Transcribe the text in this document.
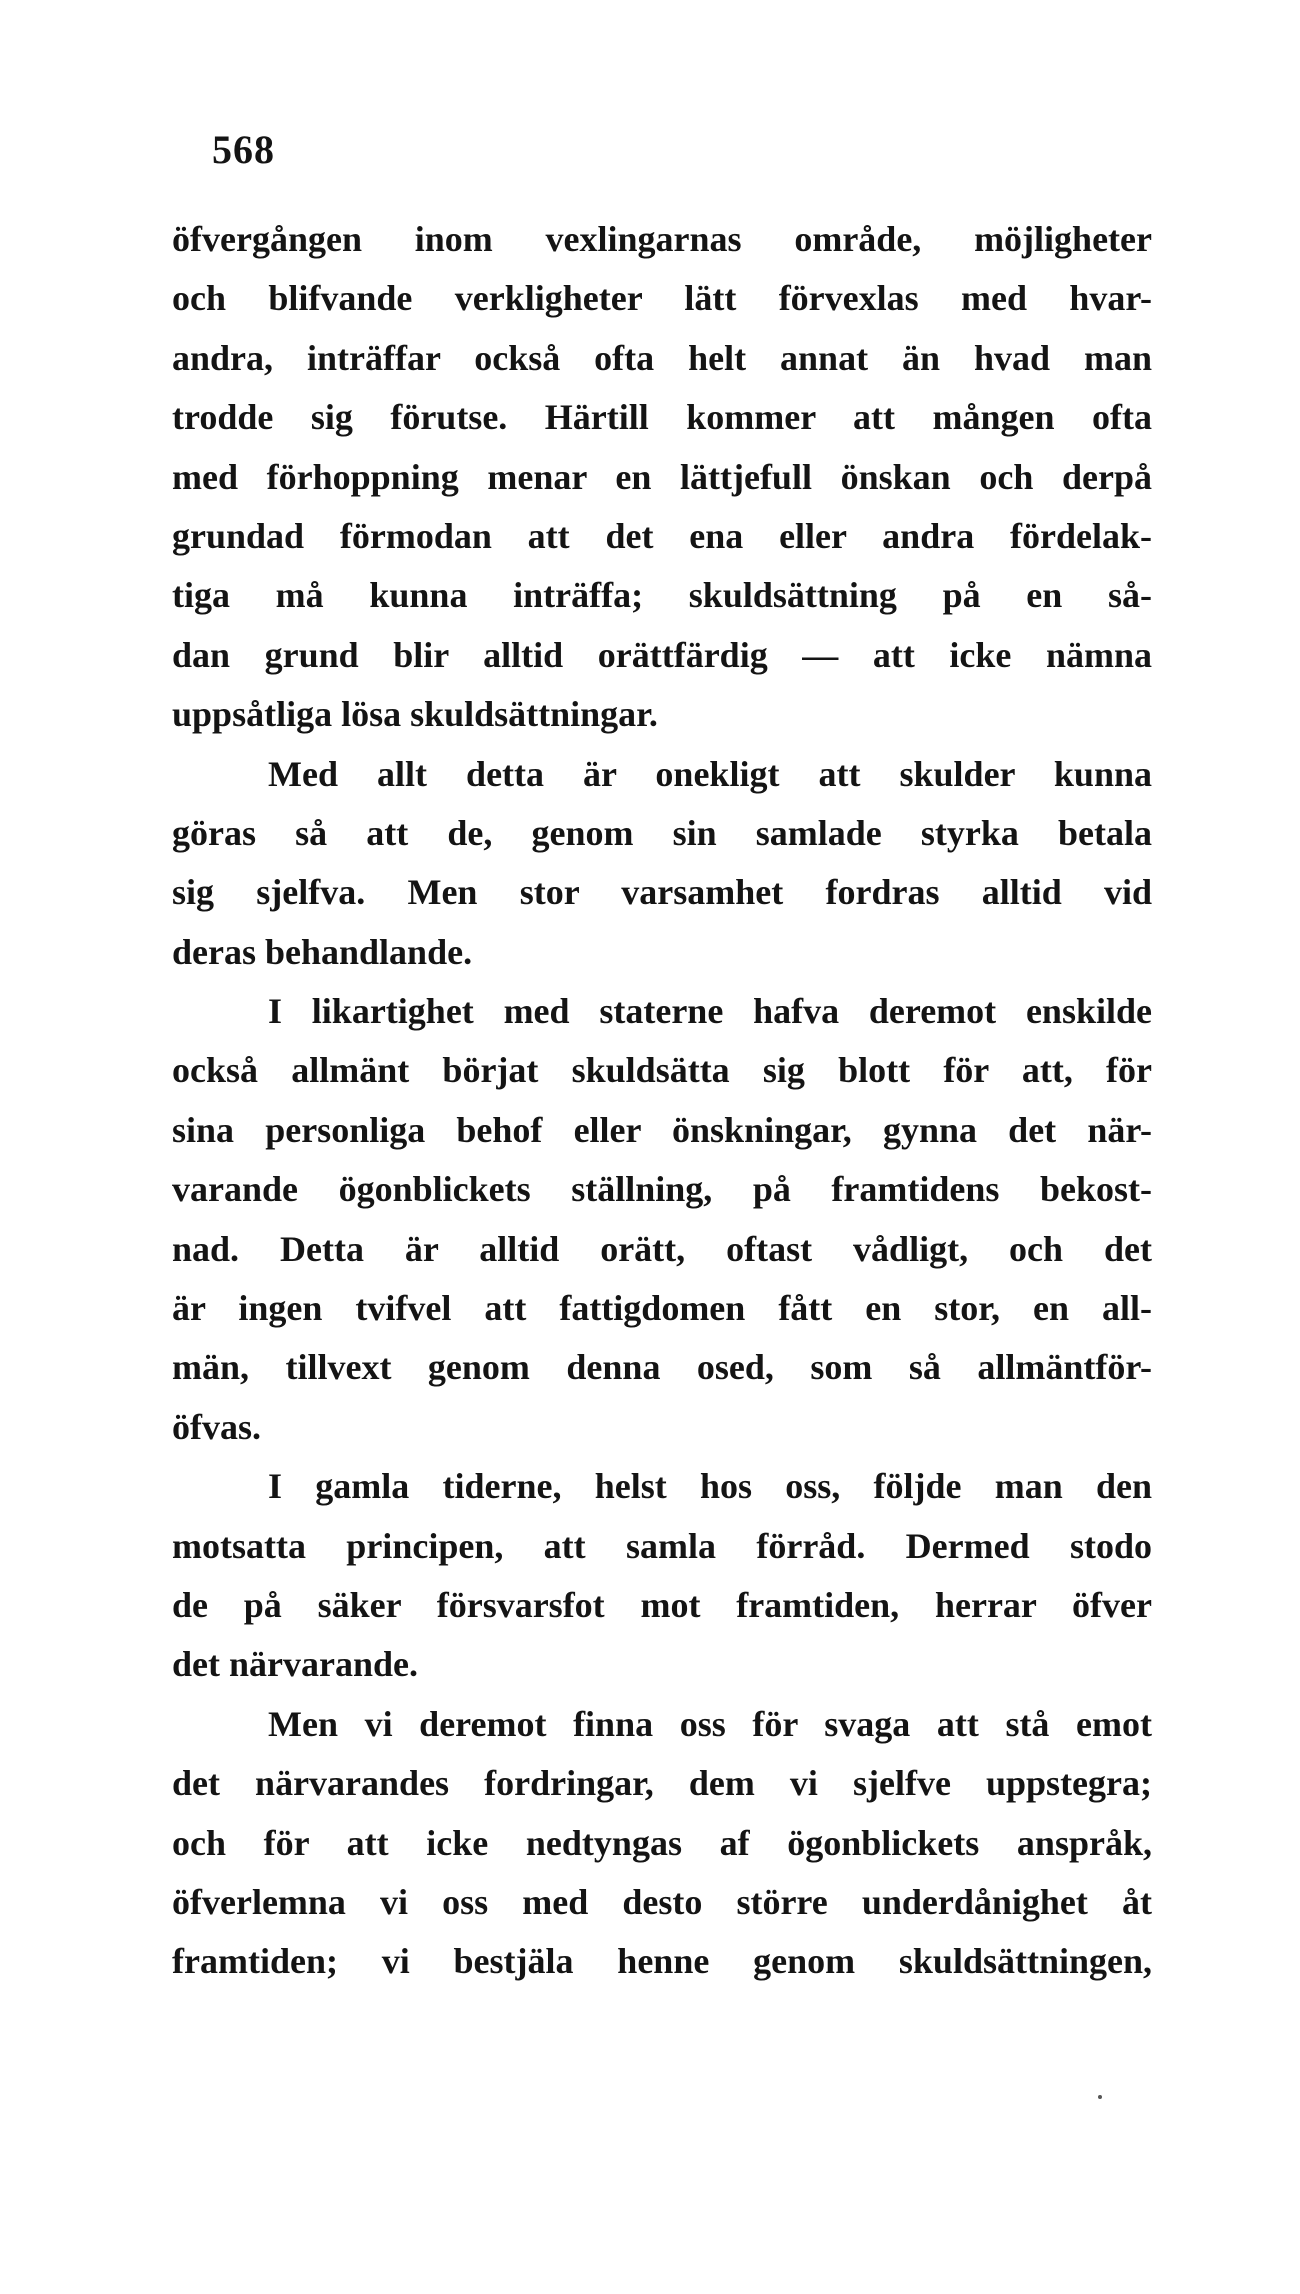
568
öfvergången inom vexlingarnas område, möjligheter
och blifvande verkligheter lätt förvexlas med hvar-
andra, inträffar också ofta helt annat än hvad man
trodde sig förutse. Härtill kommer att mången ofta
med förhoppning menar en lättjefull önskan och derpå
grundad förmodan att det ena eller andra fördelak-
tiga må kunna inträffa; skuldsättning på en så-
dan grund blir alltid orättfärdig — att icke nämna
uppsåtliga lösa skuldsättningar.
Med allt detta är onekligt att skulder kunna
göras så att de, genom sin samlade styrka betala
sig sjelfva. Men stor varsamhet fordras alltid vid
deras behandlande.
I likartighet med staterne hafva deremot enskilde
också allmänt börjat skuldsätta sig blott för att, för
sina personliga behof eller önskningar, gynna det när-
varande ögonblickets ställning, på framtidens bekost-
nad. Detta är alltid orätt, oftast vådligt, och det
är ingen tvifvel att fattigdomen fått en stor, en all-
män, tillvext genom denna osed, som så allmäntför-
öfvas.
I gamla tiderne, helst hos oss, följde man den
motsatta principen, att samla förråd. Dermed stodo
de på säker försvarsfot mot framtiden, herrar öfver
det närvarande.
Men vi deremot finna oss för svaga att stå emot
det närvarandes fordringar, dem vi sjelfve uppstegra;
och för att icke nedtyngas af ögonblickets anspråk,
öfverlemna vi oss med desto större underdånighet åt
framtiden; vi bestjäla henne genom skuldsättningen,
